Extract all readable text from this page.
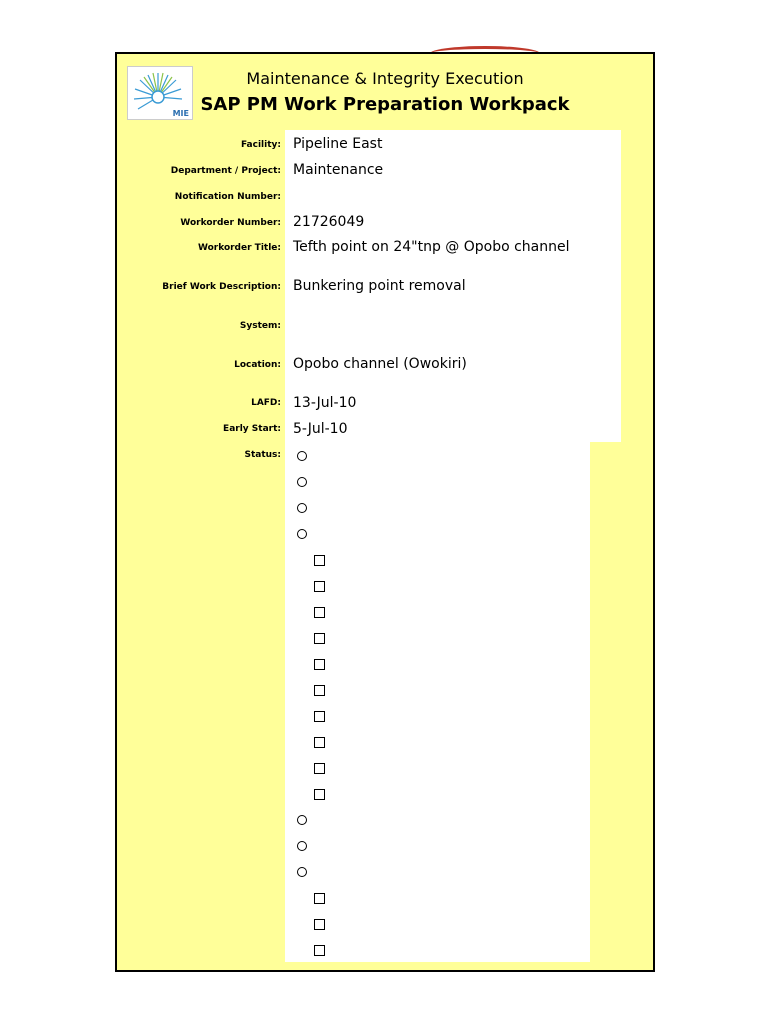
MIE
Maintenance & Integrity Execution
SAP PM Work Preparation Workpack
Facility: Pipeline East
Department / Project: Maintenance
Notification Number:
Workorder Number: 21726049
Workorder Title: Tefth point on 24"tnp @ Opobo channel
Brief Work Description: Bunkering point removal
System:
Location: Opobo channel (Owokiri)
LAFD: 13-Jul-10
Early Start: 5-Jul-10
Status:
